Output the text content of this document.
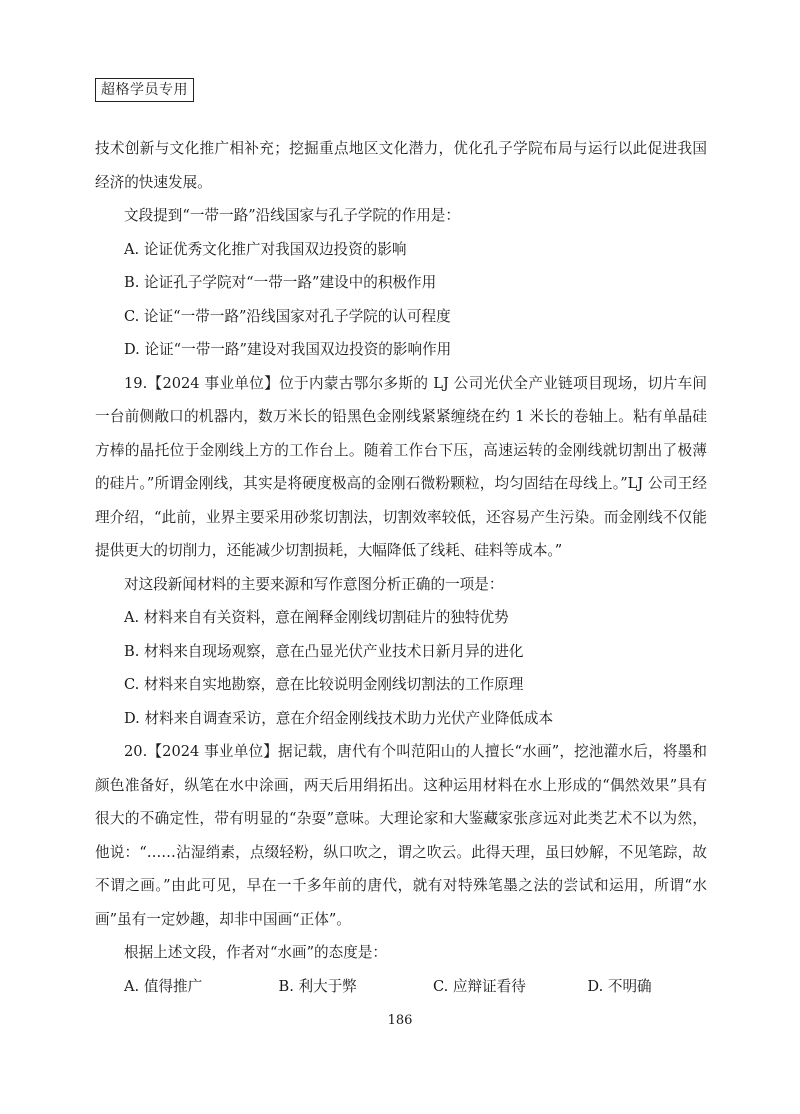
超格学员专用

技术创新与文化推广相补充；挖掘重点地区文化潜力，优化孔子学院布局与运行以此促进我国经济的快速发展。

文段提到“一带一路”沿线国家与孔子学院的作用是：

A. 论证优秀文化推广对我国双边投资的影响

B. 论证孔子学院对“一带一路”建设中的积极作用

C. 论证“一带一路”沿线国家对孔子学院的认可程度

D. 论证“一带一路”建设对我国双边投资的影响作用

19.【2024 事业单位】位于内蒙古鄂尔多斯的 LJ 公司光伏全产业链项目现场，切片车间一台前侧敞口的机器内，数万米长的铅黑色金刚线紧紧缠绕在约 1 米长的卷轴上。粘有单晶硅方棒的晶托位于金刚线上方的工作台上。随着工作台下压，高速运转的金刚线就切割出了极薄的硅片。”所谓金刚线，其实是将硬度极高的金刚石微粉颗粒，均匀固结在母线上。”LJ 公司王经理介绍，“此前，业界主要采用砂浆切割法，切割效率较低，还容易产生污染。而金刚线不仅能提供更大的切削力，还能减少切割损耗，大幅降低了线耗、硅料等成本。”

对这段新闻材料的主要来源和写作意图分析正确的一项是：

A. 材料来自有关资料，意在阐释金刚线切割硅片的独特优势

B. 材料来自现场观察，意在凸显光伏产业技术日新月异的进化

C. 材料来自实地勘察，意在比较说明金刚线切割法的工作原理

D. 材料来自调查采访，意在介绍金刚线技术助力光伏产业降低成本

20.【2024 事业单位】据记载，唐代有个叫范阳山的人擅长“水画”，挖池灌水后，将墨和颜色准备好，纵笔在水中涂画，两天后用绢拓出。这种运用材料在水上形成的“偶然效果”具有很大的不确定性，带有明显的“杂耍”意味。大理论家和大鉴藏家张彦远对此类艺术不以为然，他说：“……沾湿绡素，点缀轻粉，纵口吹之，谓之吹云。此得天理，虽曰妙解，不见笔踪，故不谓之画。”由此可见，早在一千多年前的唐代，就有对特殊笔墨之法的尝试和运用，所谓“水画”虽有一定妙趣，却非中国画“正体”。

根据上述文段，作者对“水画”的态度是：

A. 值得推广	B. 利大于弊	C. 应辩证看待	D. 不明确
186
